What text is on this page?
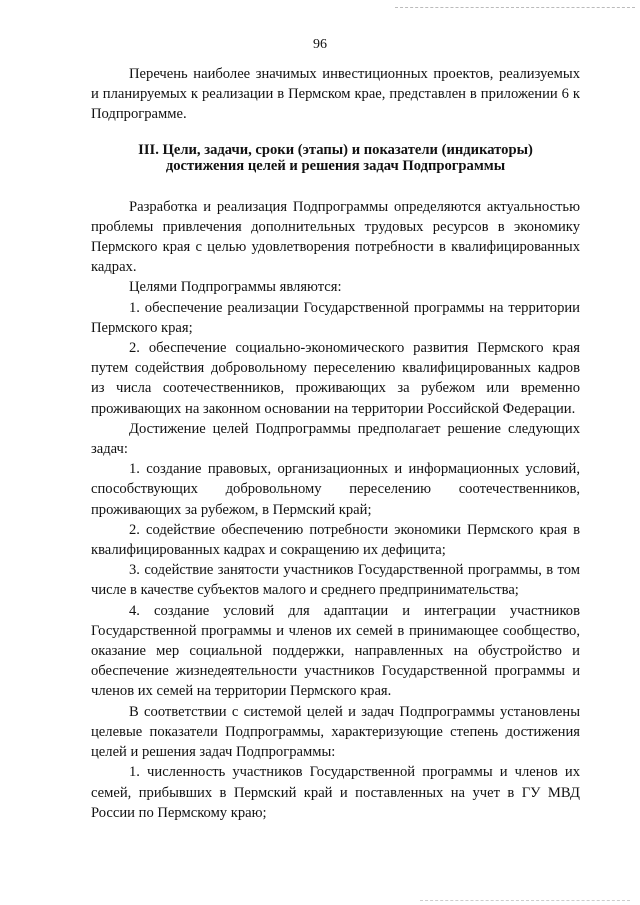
96

Перечень наиболее значимых инвестиционных проектов, реализуемых и планируемых к реализации в Пермском крае, представлен в приложении 6 к Подпрограмме.

III. Цели, задачи, сроки (этапы) и показатели (индикаторы)
достижения целей и решения задач Подпрограммы

Разработка и реализация Подпрограммы определяются актуальностью проблемы привлечения дополнительных трудовых ресурсов в экономику Пермского края с целью удовлетворения потребности в квалифицированных кадрах.

Целями Подпрограммы являются:

1. обеспечение реализации Государственной программы на территории Пермского края;

2. обеспечение социально-экономического развития Пермского края путем содействия добровольному переселению квалифицированных кадров из числа соотечественников, проживающих за рубежом или временно проживающих на законном основании на территории Российской Федерации.

Достижение целей Подпрограммы предполагает решение следующих задач:

1. создание правовых, организационных и информационных условий, способствующих добровольному переселению соотечественников, проживающих за рубежом, в Пермский край;

2. содействие обеспечению потребности экономики Пермского края в квалифицированных кадрах и сокращению их дефицита;

3. содействие занятости участников Государственной программы, в том числе в качестве субъектов малого и среднего предпринимательства;

4. создание условий для адаптации и интеграции участников Государственной программы и членов их семей в принимающее сообщество, оказание мер социальной поддержки, направленных на обустройство и обеспечение жизнедеятельности участников Государственной программы и членов их семей на территории Пермского края.

В соответствии с системой целей и задач Подпрограммы установлены целевые показатели Подпрограммы, характеризующие степень достижения целей и решения задач Подпрограммы:

1. численность участников Государственной программы и членов их семей, прибывших в Пермский край и поставленных на учет в ГУ МВД России по Пермскому краю;
